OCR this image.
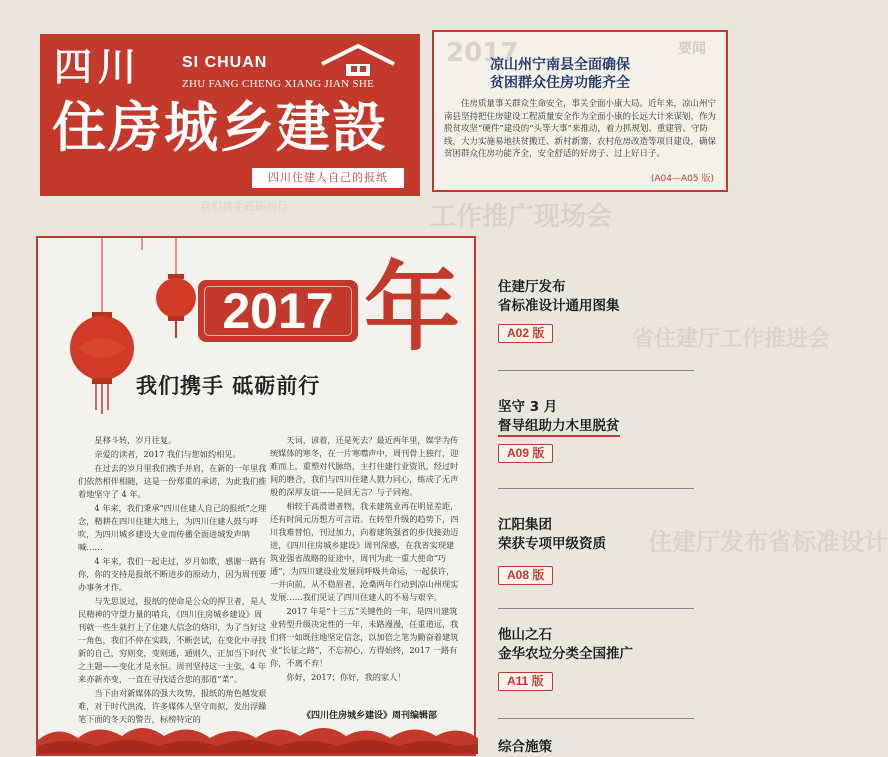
四川 SI CHUAN
ZHU FANG CHENG XIANG JIAN SHE
住房城乡建設
四川住建人自己的报纸
2017	要闻
凉山州宁南县全面确保
贫困群众住房功能齐全

住房质量事关群众生命安全，事关全面小康大局。近年来，凉山州宁南县坚持把住房建设工程质量安全作为全面小康的长远大计来谋划，作为脱贫攻坚“硬件”建设的“头等大事”来推动，着力抓规划、重建管、守防线，大力实施易地扶贫搬迁、新村新寨、农村危房改造等项目建设，确保贫困群众住房功能齐全，安全舒适的好房子、过上好日子。

(A04—A05 版)
工作推广现场会
我们携手砥砺前行
2017 年
我们携手 砥砺前行

星移斗转，岁月往复。

亲爱的读者，2017 我们与您如约相见。

在过去的岁月里我们携手并肩，在新的一年里我们依然相伴相随，这是一份郑重的承诺，为此我们推着地坚守了 4 年。

4 年来，我们秉承“四川住建人自己的报纸”之理念，精耕在四川住建大地上，为四川住建人鼓与呼吹，为四川城乡建设大业而传播全面进城发声呐喊……

4 年来，我们一起走过，岁月如歌，感谢一路有你，你的支持是报纸不断进步的原动力，因为周刊要办事务才作。

与先思说过，报纸的使命是公众的捍卫者，是人民精神的守望力量的哨兵，《四川住房城乡建设》周刊就一些生就打上了住建人信念的烙印，为了当好这一角色，我们不停在实践，不断尝试，在变化中寻找新的自己，穷则变，变则通，通则久，正加当下时代之主题——变化才是永恒。周刊坚持这一主张，4 年来亦新亦变，一直在寻找适合您的那道“菜”。

当下由对新媒体的强大攻势，报纸的角色越发艰难，对于时代洪流，许多媒体人坚守而拟，发出浮躁笔下面的冬天的警告，标榜特定的

天词，谚着，还是死去？最近两年里，媒学为传统媒体的寒冬，在一片寒噤声中，周刊骨上独行，迎难而上，重塑对代脉络，主打住建行业资讯，经过时间的磨合，我们与四川住建人戮力同心，练成了无声般的深厚友谊——是回无言？与子同袍。

相较于高滑谱者物，我未建筑业再在明显差距，还有时间元历想方可言语。在转型升级的趋势下，四川我难替怕，刊过加力，向着建筑强省的步伐接劲迈进，《四川住房城乡建设》周刊深感，在我省实现建筑业强省战略的征途中，周刊为此一重大使命“巧通”，为四川建设业发展同呼吸共命运，一起获许，一并向前，从不稳眉者，沧桑两年行动到凉山州现实发展……我们见证了四川住建人的不易与艰辛。

2017 年是“十三五”关键性的一年，是四川建筑业转型升级决定性的一年，未路漫漫，任重道远，我们将一如既往地坚定信念，以加倍之笔为勤奋着建筑业“长征之路”，不忘初心，方得始终，2017 一路有你，不离不弃！

你好，2017；你好，我的家人！

《四川住房城乡建设》周刊编辑部
省住建厅工作推进会
住建厅发布省标准设计
住建厅发布
省标准设计通用图集
A02 版
坚守 3 月
督导组助力木里脱贫
A09 版
江阳集团
荣获专项甲级资质
A08 版
他山之石
金华农垃分类全国推广
A11 版
综合施策
